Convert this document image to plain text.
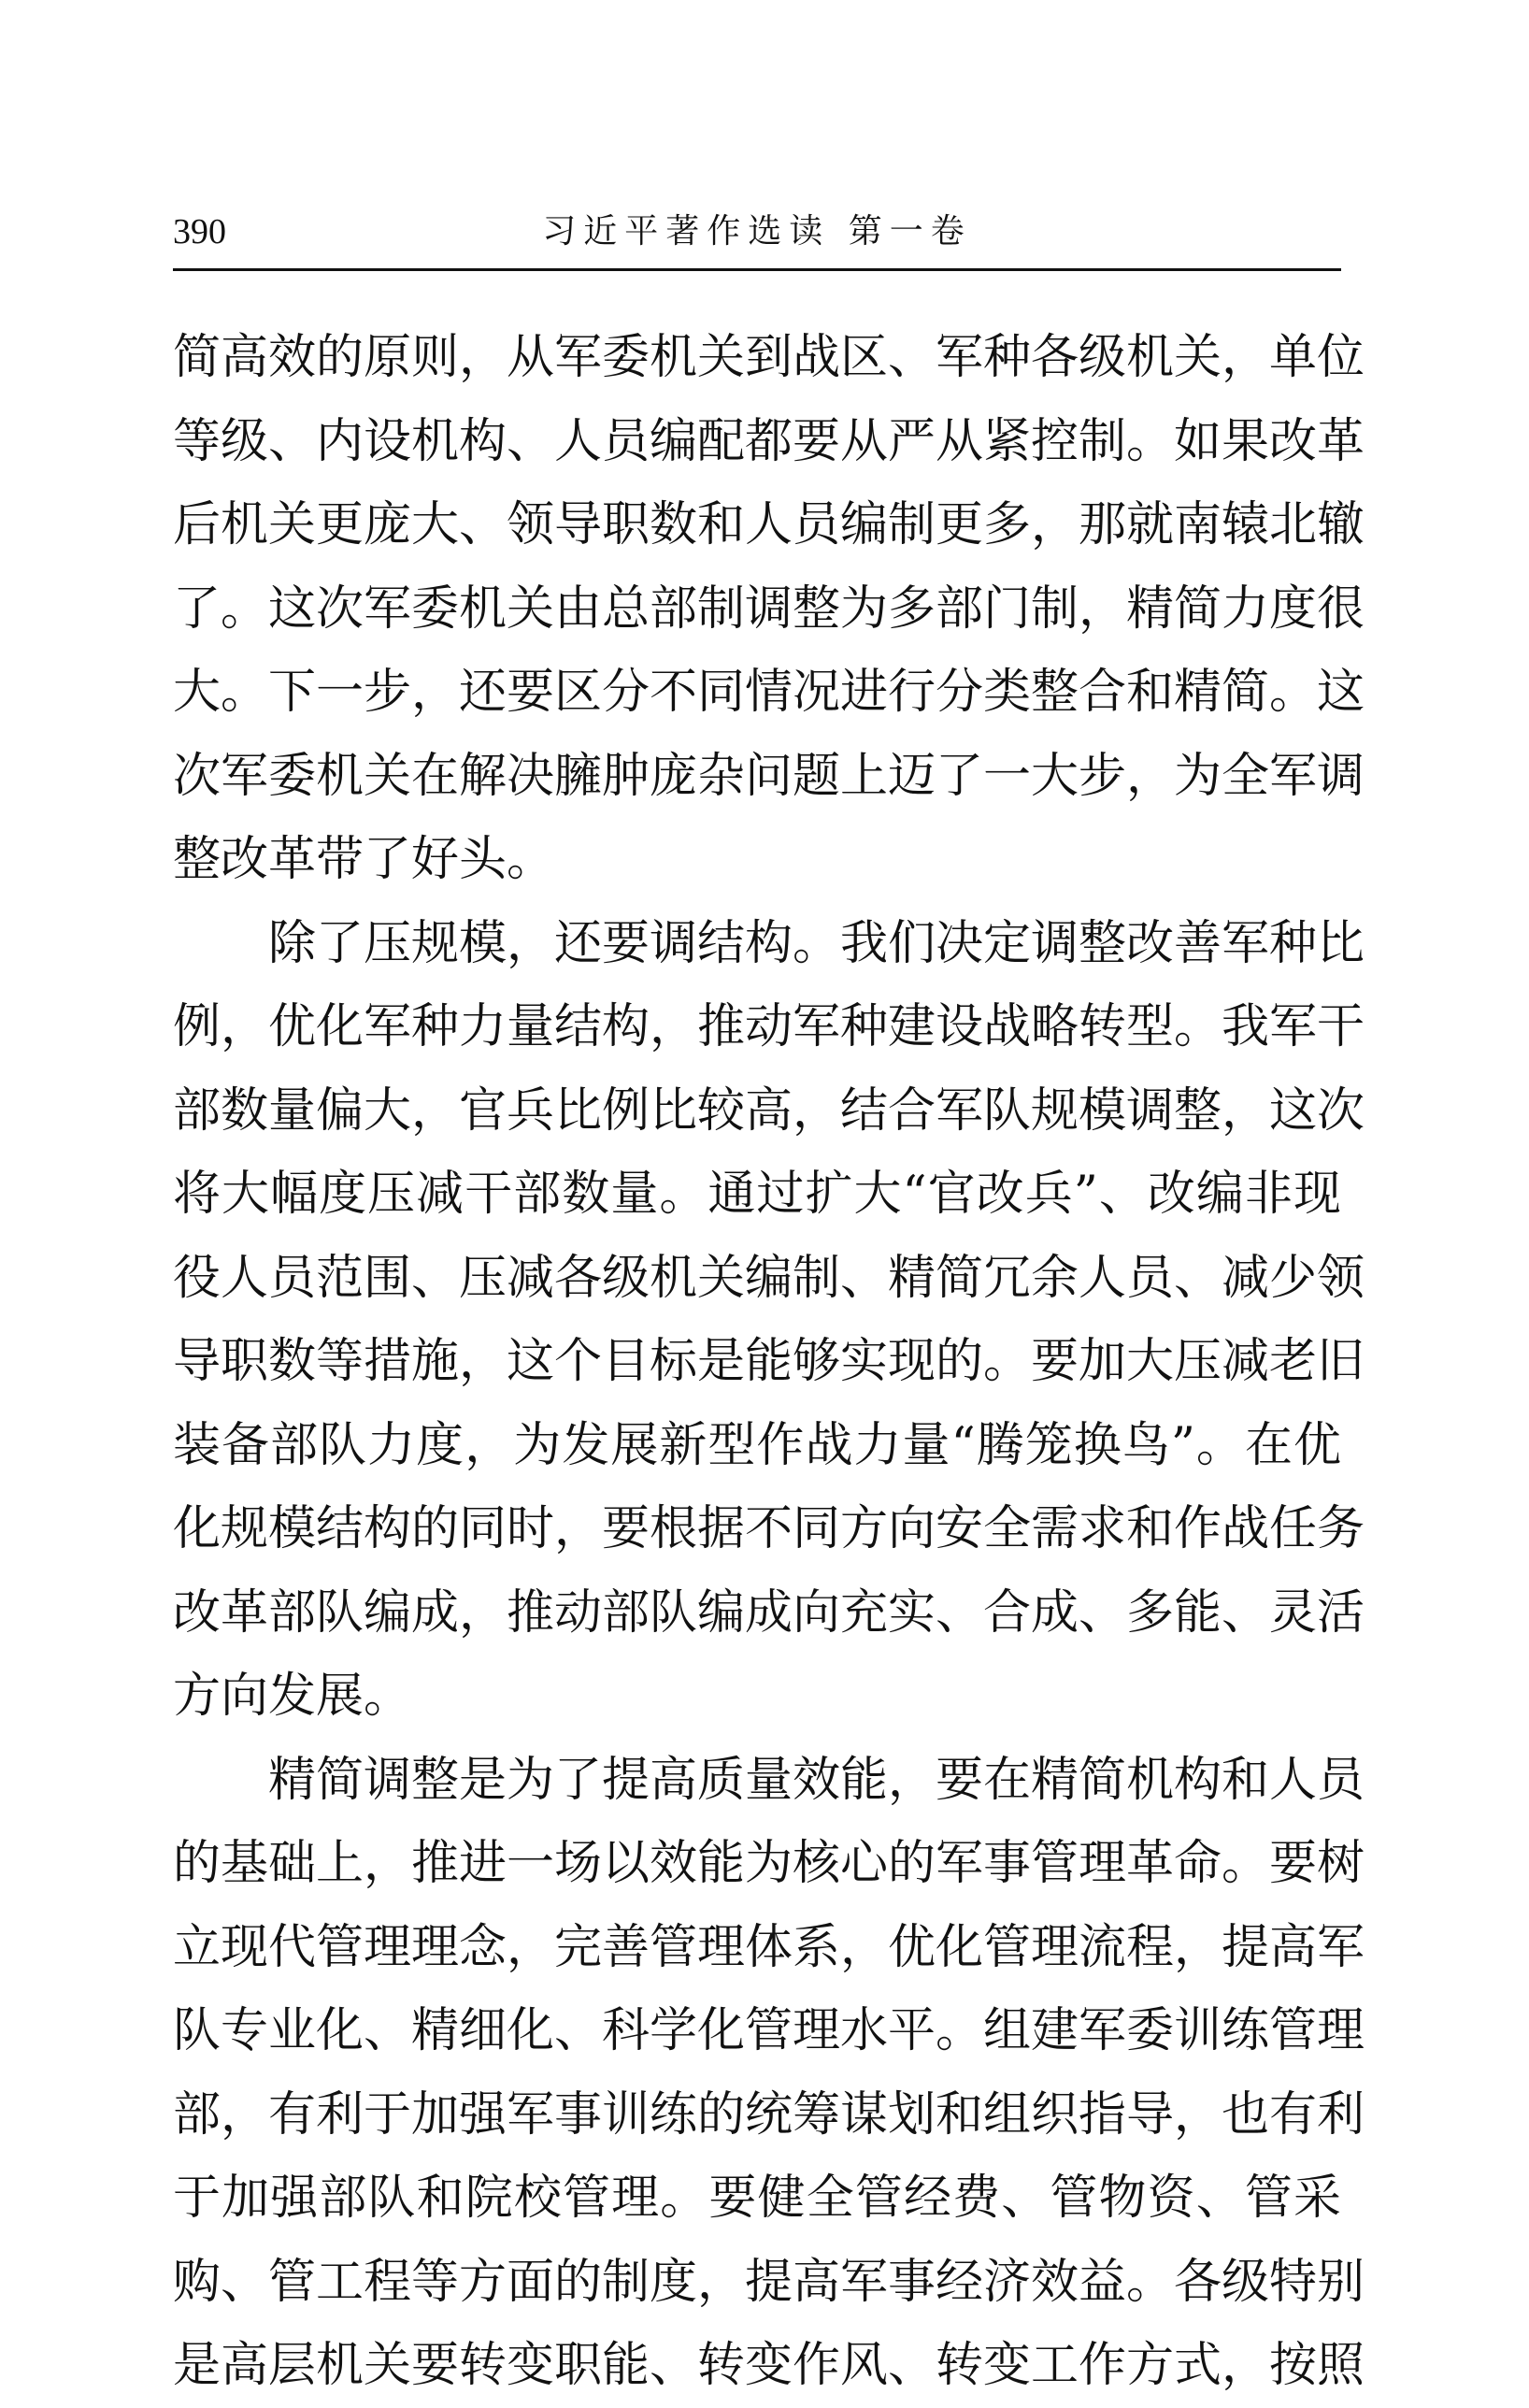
390	习近平著作选读 第一卷
简高效的原则，从军委机关到战区、军种各级机关，单位
等级、内设机构、人员编配都要从严从紧控制。如果改革
后机关更庞大、领导职数和人员编制更多，那就南辕北辙
了。这次军委机关由总部制调整为多部门制，精简力度很
大。下一步，还要区分不同情况进行分类整合和精简。这
次军委机关在解决臃肿庞杂问题上迈了一大步，为全军调
整改革带了好头。
除了压规模，还要调结构。我们决定调整改善军种比
例，优化军种力量结构，推动军种建设战略转型。我军干
部数量偏大，官兵比例比较高，结合军队规模调整，这次
将大幅度压减干部数量。通过扩大“官改兵”、改编非现
役人员范围、压减各级机关编制、精简冗余人员、减少领
导职数等措施，这个目标是能够实现的。要加大压减老旧
装备部队力度，为发展新型作战力量“腾笼换鸟”。在优
化规模结构的同时，要根据不同方向安全需求和作战任务
改革部队编成，推动部队编成向充实、合成、多能、灵活
方向发展。
精简调整是为了提高质量效能，要在精简机构和人员
的基础上，推进一场以效能为核心的军事管理革命。要树
立现代管理理念，完善管理体系，优化管理流程，提高军
队专业化、精细化、科学化管理水平。组建军委训练管理
部，有利于加强军事训练的统筹谋划和组织指导，也有利
于加强部队和院校管理。要健全管经费、管物资、管采
购、管工程等方面的制度，提高军事经济效益。各级特别
是高层机关要转变职能、转变作风、转变工作方式，按照
